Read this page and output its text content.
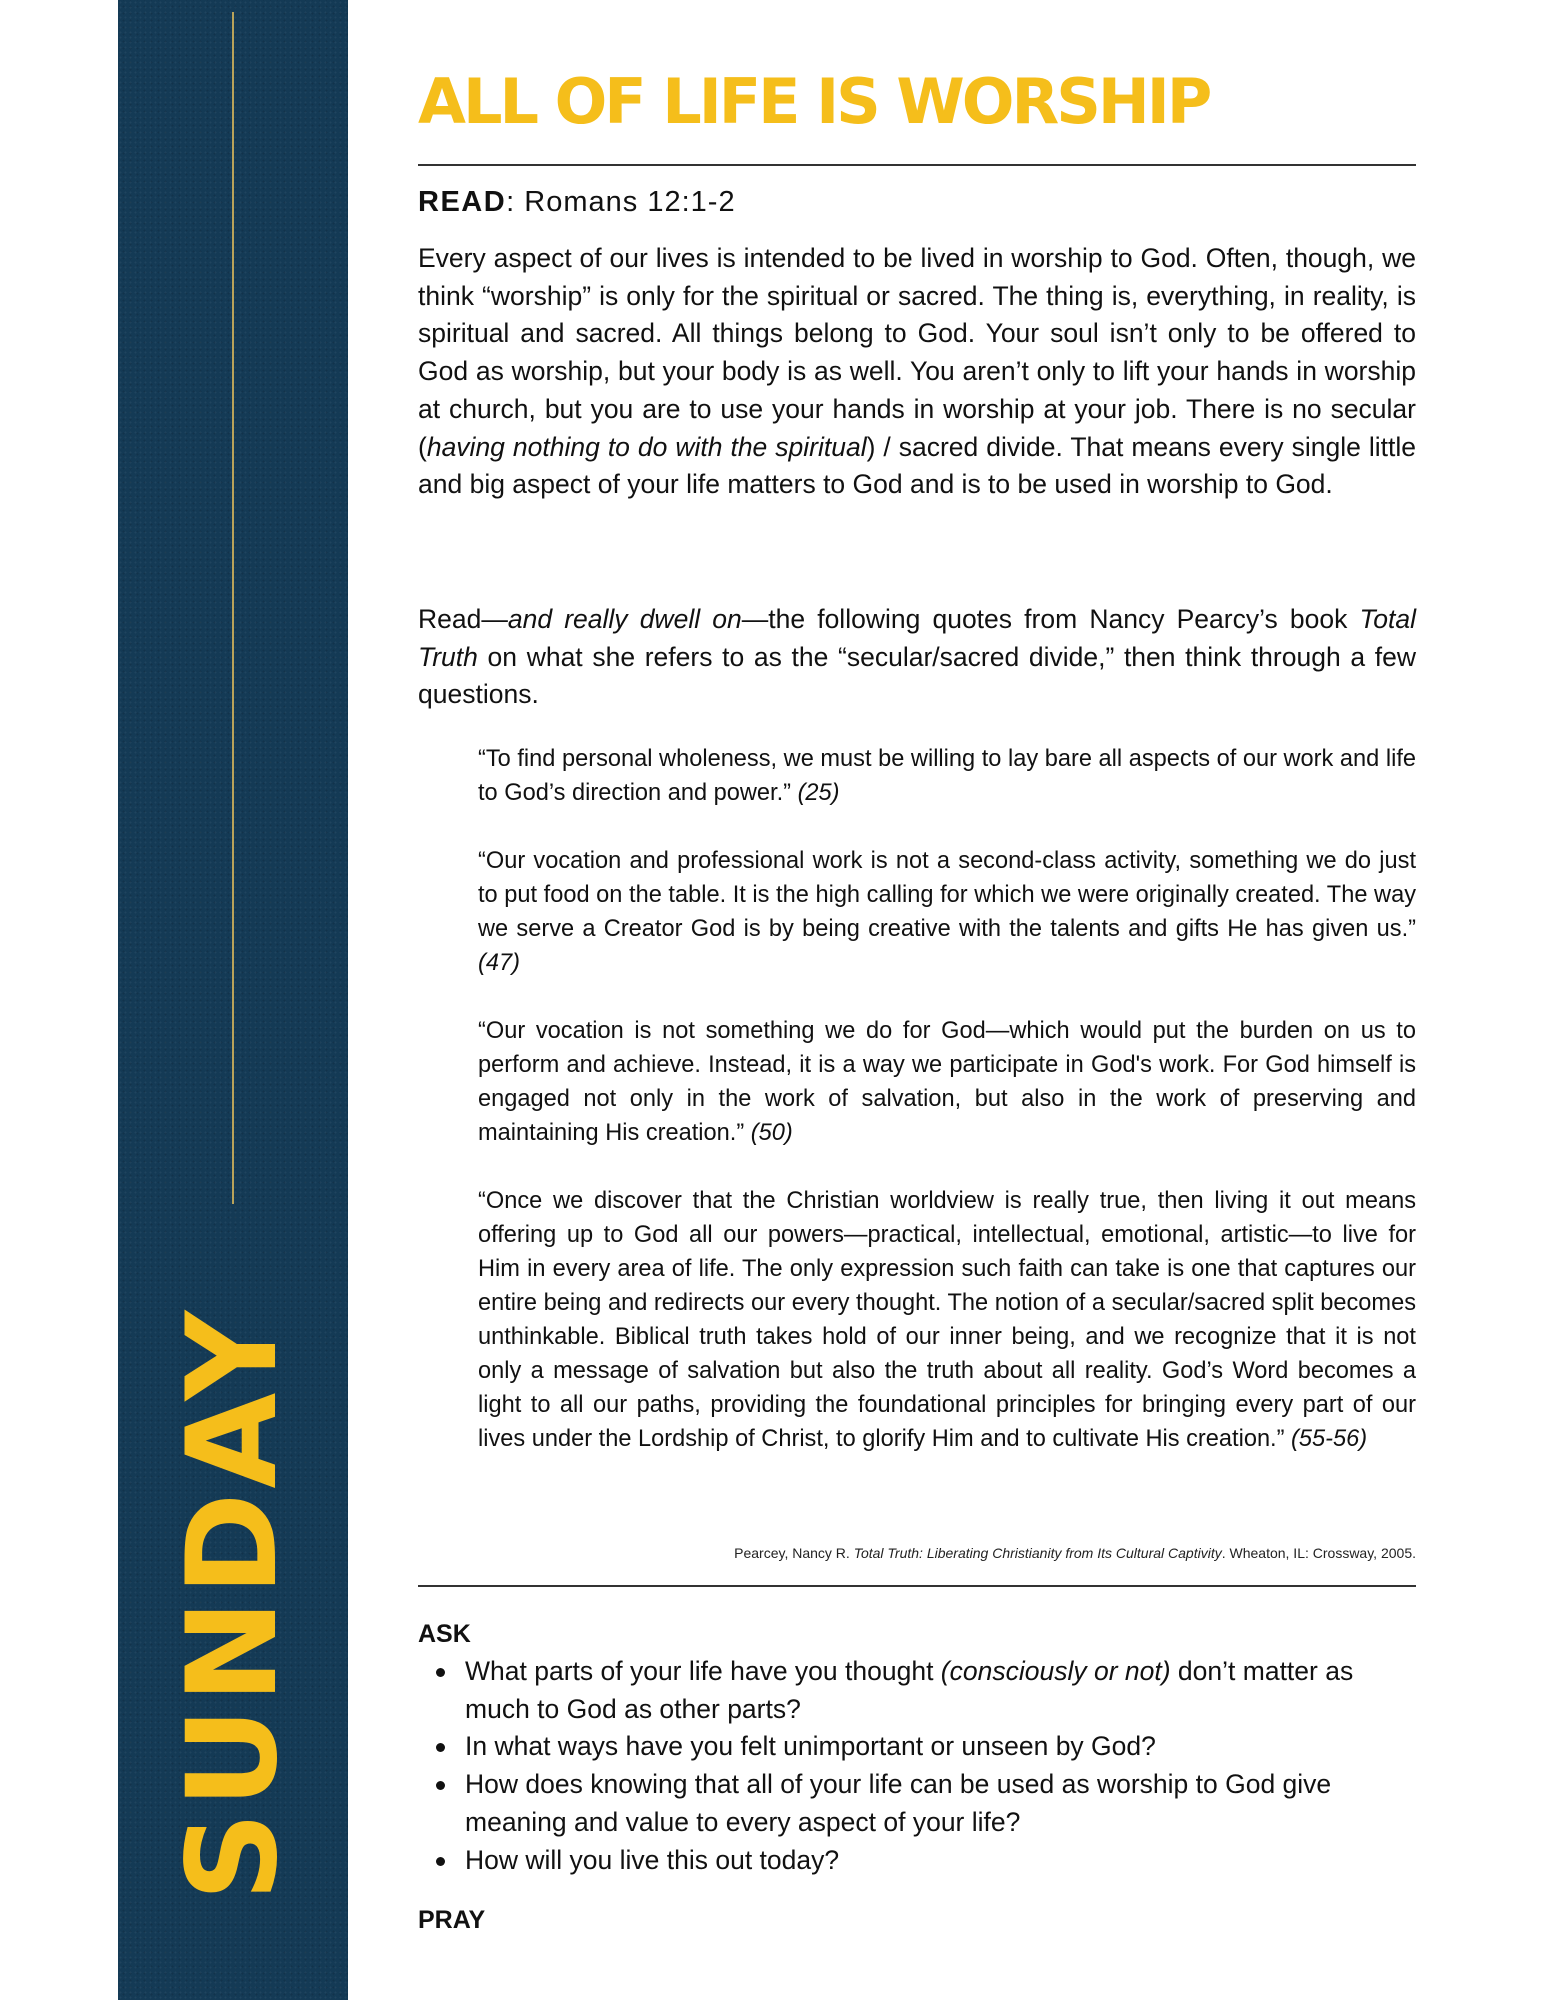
SUNDAY
ALL OF LIFE IS WORSHIP
READ: Romans 12:1-2

Every aspect of our lives is intended to be lived in worship to God. Often, though, we think “worship” is only for the spiritual or sacred. The thing is, everything, in reality, is spiritual and sacred. All things belong to God. Your soul isn’t only to be offered to God as worship, but your body is as well. You aren’t only to lift your hands in worship at church, but you are to use your hands in worship at your job. There is no secular (having nothing to do with the spiritual) / sacred divide. That means every single little and big aspect of your life matters to God and is to be used in worship to God.

Read—and really dwell on—the following quotes from Nancy Pearcy’s book Total Truth on what she refers to as the “secular/sacred divide,” then think through a few questions.

“To find personal wholeness, we must be willing to lay bare all aspects of our work and life to God’s direction and power.” (25)

“Our vocation and professional work is not a second-class activity, something we do just to put food on the table. It is the high calling for which we were originally created. The way we serve a Creator God is by being creative with the talents and gifts He has given us.” (47)

“Our vocation is not something we do for God—which would put the burden on us to perform and achieve. Instead, it is a way we participate in God's work. For God himself is engaged not only in the work of salvation, but also in the work of preserving and maintaining His creation.” (50)

“Once we discover that the Christian worldview is really true, then living it out means offering up to God all our powers—practical, intellectual, emotional, artistic—to live for Him in every area of life. The only expression such faith can take is one that captures our entire being and redirects our every thought. The notion of a secular/sacred split becomes unthinkable. Biblical truth takes hold of our inner being, and we recognize that it is not only a message of salvation but also the truth about all reality. God’s Word becomes a light to all our paths, providing the foundational principles for bringing every part of our lives under the Lordship of Christ, to glorify Him and to cultivate His creation.” (55-56)

Pearcey, Nancy R. Total Truth: Liberating Christianity from Its Cultural Captivity. Wheaton, IL: Crossway, 2005.

ASK
What parts of your life have you thought (consciously or not) don’t matter as much to God as other parts?
In what ways have you felt unimportant or unseen by God?
How does knowing that all of your life can be used as worship to God give meaning and value to every aspect of your life?
How will you live this out today?
PRAY
